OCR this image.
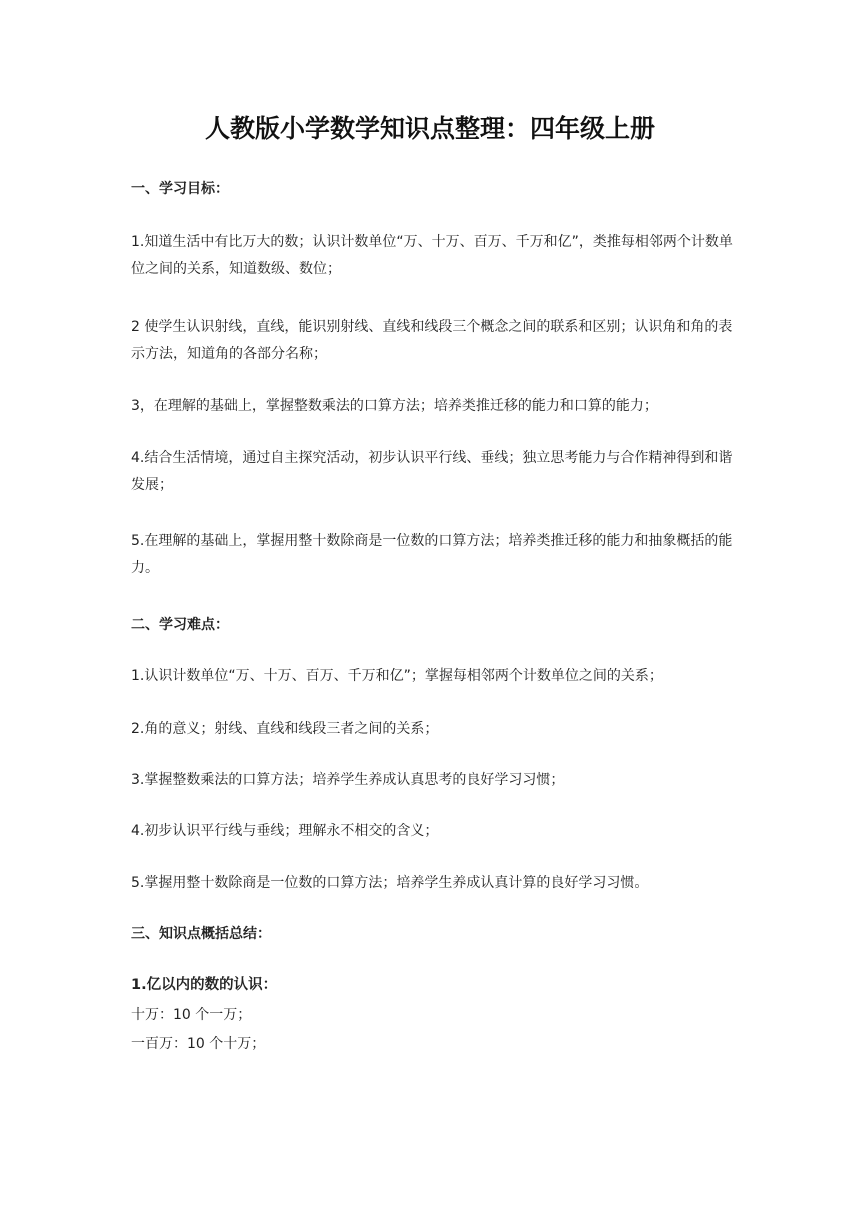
人教版小学数学知识点整理：四年级上册
一、学习目标：
1.知道生活中有比万大的数；认识计数单位“万、十万、百万、千万和亿”，类推每相邻两个计数单位之间的关系，知道数级、数位；
2 使学生认识射线，直线，能识别射线、直线和线段三个概念之间的联系和区别；认识角和角的表示方法，知道角的各部分名称；
3，在理解的基础上，掌握整数乘法的口算方法；培养类推迁移的能力和口算的能力；
4.结合生活情境，通过自主探究活动，初步认识平行线、垂线；独立思考能力与合作精神得到和谐发展；
5.在理解的基础上，掌握用整十数除商是一位数的口算方法；培养类推迁移的能力和抽象概括的能力。
二、学习难点：
1.认识计数单位“万、十万、百万、千万和亿”；掌握每相邻两个计数单位之间的关系；
2.角的意义；射线、直线和线段三者之间的关系；
3.掌握整数乘法的口算方法；培养学生养成认真思考的良好学习习惯；
4.初步认识平行线与垂线；理解永不相交的含义；
5.掌握用整十数除商是一位数的口算方法；培养学生养成认真计算的良好学习习惯。
三、知识点概括总结：
1.亿以内的数的认识：
十万：10 个一万；
一百万：10 个十万；
